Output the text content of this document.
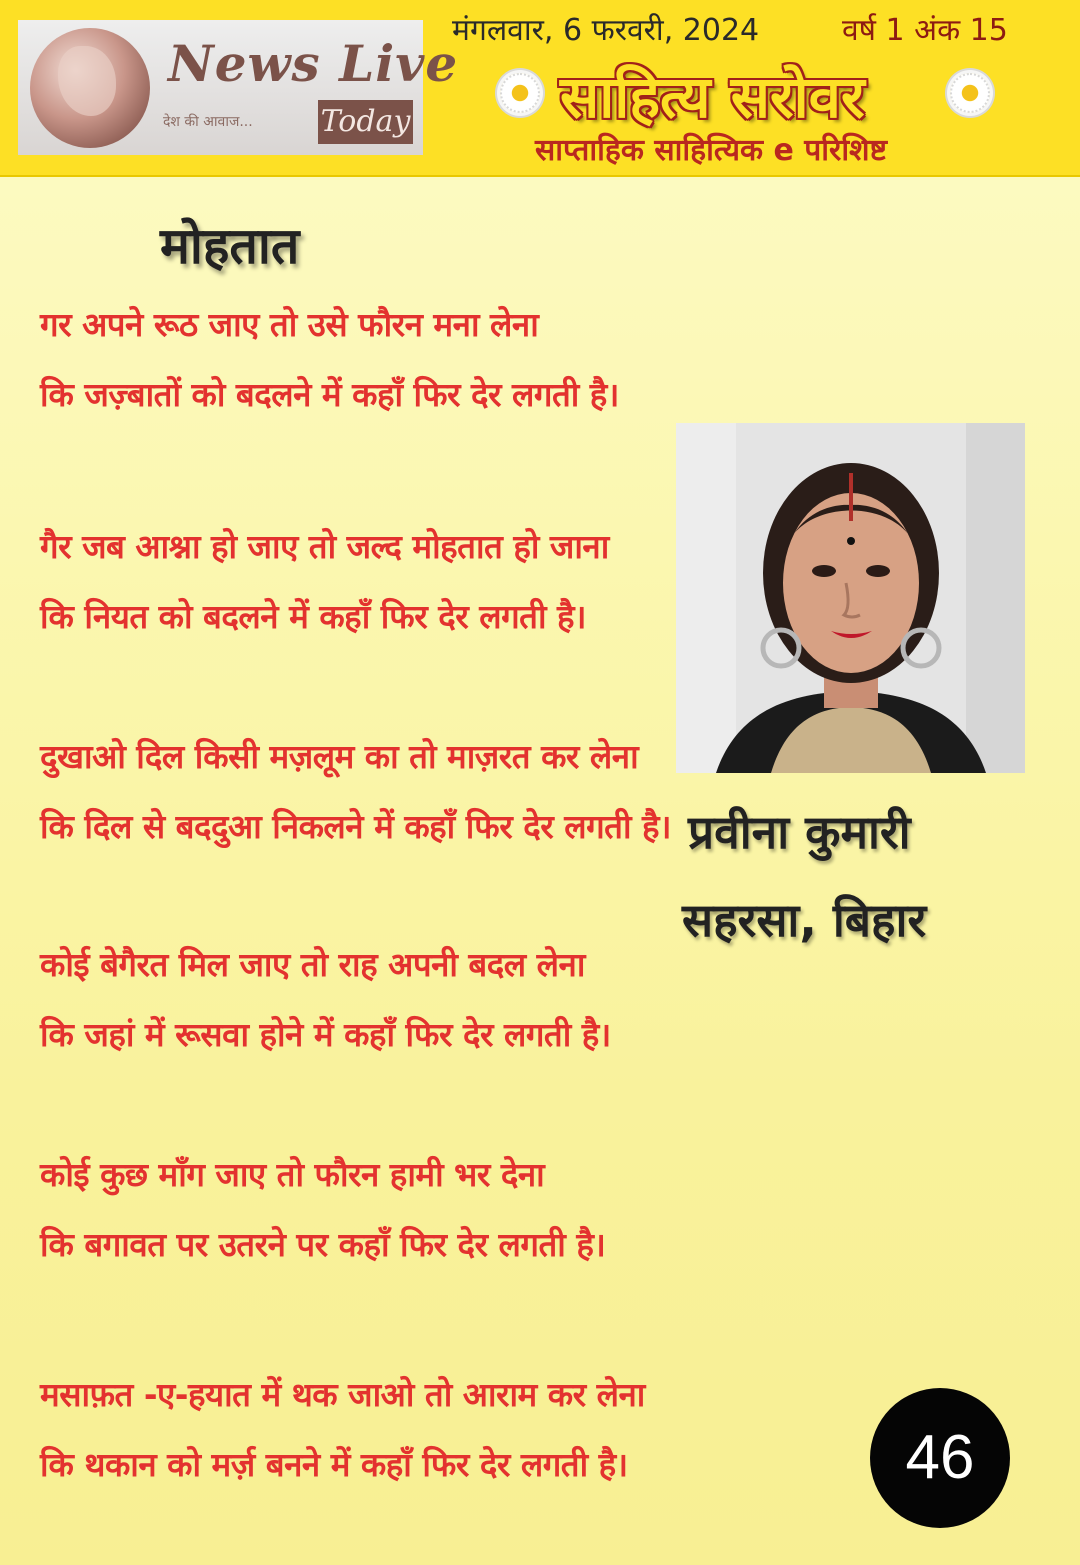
News Live
देश की आवाज... Today
मंगलवार, 6 फरवरी, 2024	वर्ष 1 अंक 15
साहित्य सरोवर
साप्ताहिक साहित्यिक e परिशिष्ट
मोहतात
गर अपने रूठ जाए तो उसे फौरन मना लेना
कि जज़्बातों को बदलने में कहाँ फिर देर लगती है।
गैर जब आश्ना हो जाए तो जल्द मोहतात हो जाना
कि नियत को बदलने में कहाँ फिर देर लगती है।
दुखाओ दिल किसी मज़लूम का तो माज़रत कर लेना
कि दिल से बददुआ निकलने में कहाँ फिर देर लगती है।
कोई बेगैरत मिल जाए तो राह अपनी बदल लेना
कि जहां में रूसवा होने में कहाँ फिर देर लगती है।
कोई कुछ माँग जाए तो फौरन हामी भर देना
कि बगावत पर उतरने पर कहाँ फिर देर लगती है।
मसाफ़त -ए-हयात में थक जाओ तो आराम कर लेना
कि थकान को मर्ज़ बनने में कहाँ फिर देर लगती है।
प्रवीना कुमारी
सहरसा, बिहार
46
